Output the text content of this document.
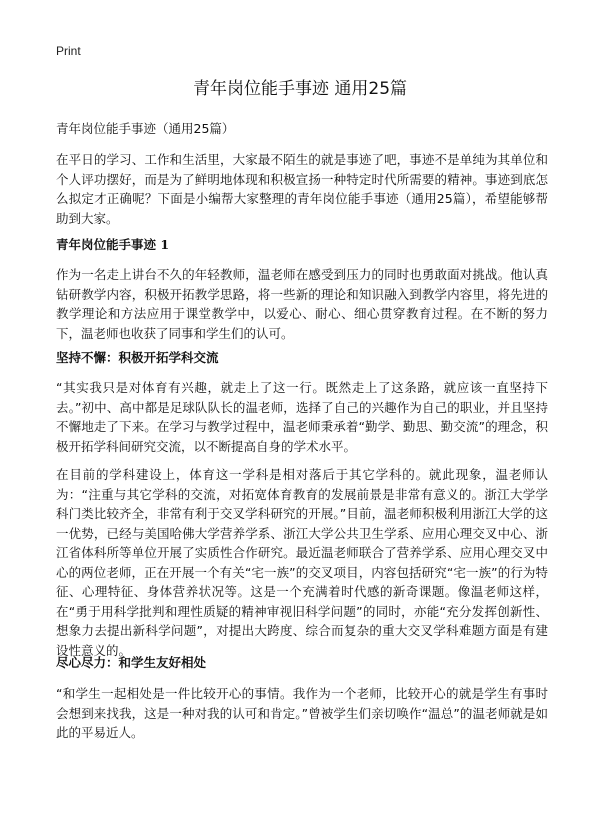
Print
青年岗位能手事迹 通用25篇
青年岗位能手事迹（通用25篇）

在平日的学习、工作和生活里，大家最不陌生的就是事迹了吧，事迹不是单纯为其单位和个人评功摆好，而是为了鲜明地体现和积极宣扬一种特定时代所需要的精神。事迹到底怎么拟定才正确呢？下面是小编帮大家整理的青年岗位能手事迹（通用25篇），希望能够帮助到大家。

青年岗位能手事迹 1

作为一名走上讲台不久的年轻教师，温老师在感受到压力的同时也勇敢面对挑战。他认真钻研教学内容，积极开拓教学思路，将一些新的理论和知识融入到教学内容里，将先进的教学理论和方法应用于课堂教学中，以爱心、耐心、细心贯穿教育过程。在不断的努力下，温老师也收获了同事和学生们的认可。

坚持不懈：积极开拓学科交流

“其实我只是对体育有兴趣，就走上了这一行。既然走上了这条路，就应该一直坚持下去。”初中、高中都是足球队队长的温老师，选择了自己的兴趣作为自己的职业，并且坚持不懈地走了下来。在学习与教学过程中，温老师秉承着“勤学、勤思、勤交流”的理念，积极开拓学科间研究交流，以不断提高自身的学术水平。

在目前的学科建设上，体育这一学科是相对落后于其它学科的。就此现象，温老师认为：“注重与其它学科的交流，对拓宽体育教育的发展前景是非常有意义的。浙江大学学科门类比较齐全，非常有利于交叉学科研究的开展。”目前，温老师积极利用浙江大学的这一优势，已经与美国哈佛大学营养学系、浙江大学公共卫生学系、应用心理交叉中心、浙江省体科所等单位开展了实质性合作研究。最近温老师联合了营养学系、应用心理交叉中心的两位老师，正在开展一个有关“宅一族”的交叉项目，内容包括研究“宅一族”的行为特征、心理特征、身体营养状况等。这是一个充满着时代感的新奇课题。像温老师这样，在“勇于用科学批判和理性质疑的精神审视旧科学问题”的同时，亦能“充分发挥创新性、想象力去提出新科学问题”，对提出大跨度、综合而复杂的重大交叉学科难题方面是有建设性意义的。

尽心尽力：和学生友好相处

“和学生一起相处是一件比较开心的事情。我作为一个老师，比较开心的就是学生有事时会想到来找我，这是一种对我的认可和肯定。”曾被学生们亲切唤作“温总”的温老师就是如此的平易近人。
